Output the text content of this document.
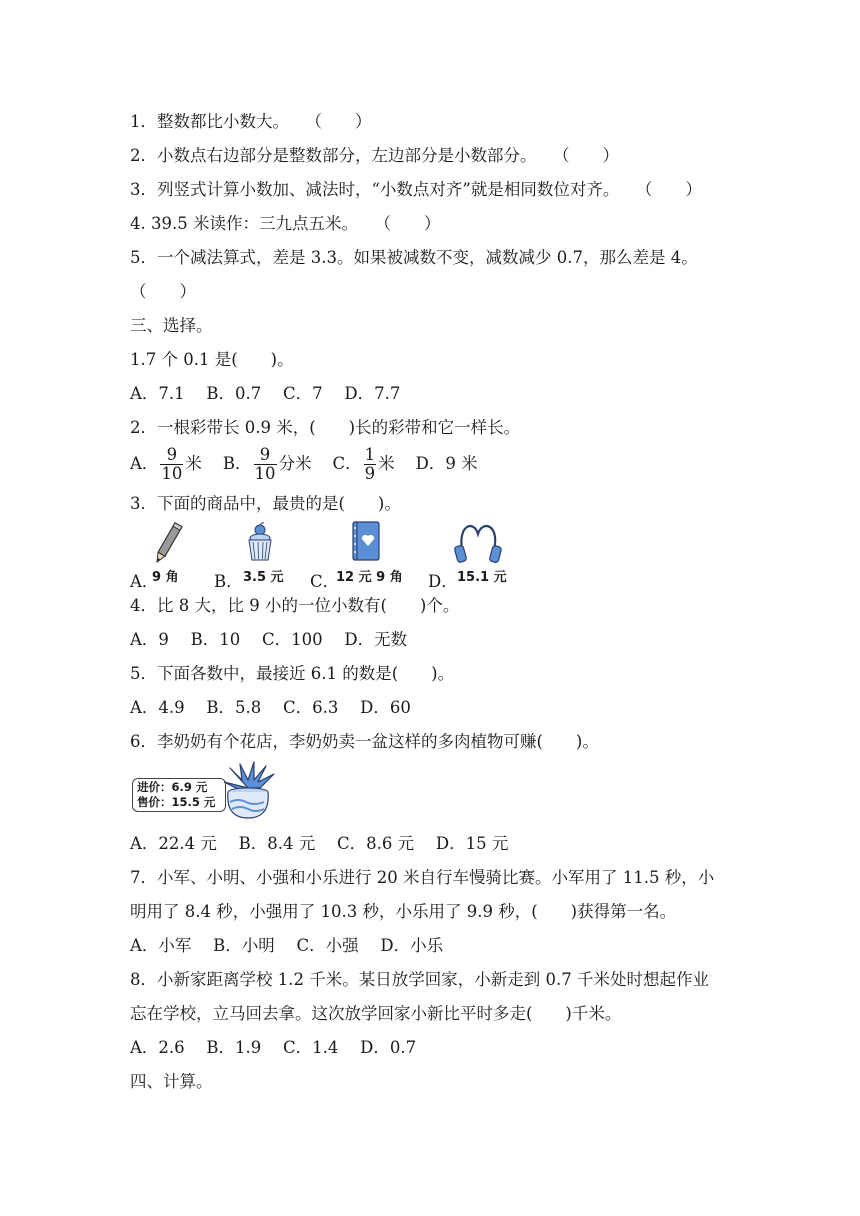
1．整数都比小数大。　　（　　）
2．小数点右边部分是整数部分，左边部分是小数部分。　　（　　）
3．列竖式计算小数加、减法时，“小数点对齐”就是相同数位对齐。　　（　　）
4. 39.5 米读作：三九点五米。　　（　　）
5．一个减法算式，差是 3.3。如果被减数不变，减数减少 0.7，那么差是 4。
（　　）
三、选择。
1.7 个 0.1 是(　　)。
A．7.1　 B．0.7　 C．7　 D．7.7
2．一根彩带长 0.9 米，(　　)长的彩带和它一样长。
A． $\frac{9}{10}$ 米 B． $\frac{9}{10}$ 分米 C． $\frac{1}{9}$ 米 D．9 米
3．下面的商品中，最贵的是(　　)。
A．
9 角 B． 3.5 元 C．
12 元 9 角 D． 15.1 元
4．比 8 大，比 9 小的一位小数有(　　)个。
A．9　 B．10　 C．100　 D．无数
5．下面各数中，最接近 6.1 的数是(　　)。
A．4.9　 B．5.8　 C．6.3　 D．60
6．李奶奶有个花店，李奶奶卖一盆这样的多肉植物可赚(　　)。
进价：6.9 元
售价：15.5 元
A．22.4 元　 B．8.4 元　 C．8.6 元　 D．15 元
7．小军、小明、小强和小乐进行 20 米自行车慢骑比赛。小军用了 11.5 秒，小
明用了 8.4 秒，小强用了 10.3 秒，小乐用了 9.9 秒，(　　)获得第一名。
A．小军　 B．小明　 C．小强　 D．小乐
8．小新家距离学校 1.2 千米。某日放学回家，小新走到 0.7 千米处时想起作业
忘在学校，立马回去拿。这次放学回家小新比平时多走(　　)千米。
A．2.6　 B．1.9　 C．1.4　 D．0.7
四、计算。
